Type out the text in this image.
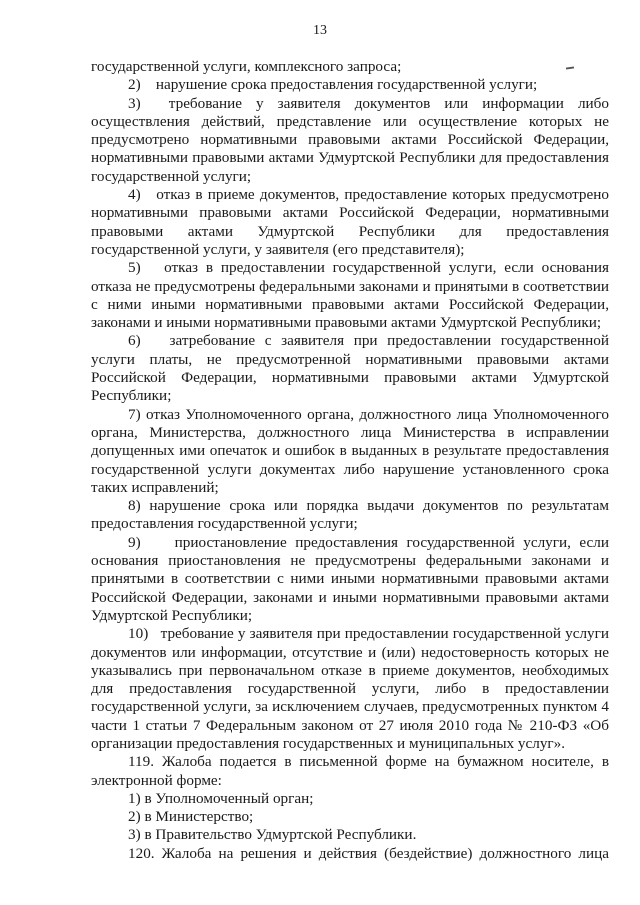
13

государственной услуги, комплексного запроса;

2)    нарушение срока предоставления государственной услуги;

3)  требование у заявителя документов или информации либо осуществления действий, представление или осуществление которых не предусмотрено нормативными правовыми актами Российской Федерации, нормативными правовыми актами Удмуртской Республики для предоставления государственной услуги;

4)   отказ в приеме документов, предоставление которых предусмотрено нормативными правовыми актами Российской Федерации, нормативными правовыми актами Удмуртской Республики для предоставления государственной услуги, у заявителя (его представителя);

5)   отказ в предоставлении государственной услуги, если основания отказа не предусмотрены федеральными законами и принятыми в соответствии с ними иными нормативными правовыми актами Российской Федерации, законами и иными нормативными правовыми актами Удмуртской Республики;

6)   затребование с заявителя при предоставлении государственной услуги платы, не предусмотренной нормативными правовыми актами Российской Федерации, нормативными правовыми актами Удмуртской Республики;

7) отказ Уполномоченного органа, должностного лица Уполномоченного органа, Министерства, должностного лица Министерства в исправлении допущенных ими опечаток и ошибок в выданных в результате предоставления государственной услуги документах либо нарушение установленного срока таких исправлений;

8) нарушение срока или порядка выдачи документов по результатам предоставления государственной услуги;

9)    приостановление предоставления государственной услуги, если основания приостановления не предусмотрены федеральными законами и принятыми в соответствии с ними иными нормативными правовыми актами Российской Федерации, законами и иными нормативными правовыми актами Удмуртской Республики;

10)   требование у заявителя при предоставлении государственной услуги документов или информации, отсутствие и (или) недостоверность которых не указывались при первоначальном отказе в приеме документов, необходимых для предоставления государственной услуги, либо в предоставлении государственной услуги, за исключением случаев, предусмотренных пунктом 4 части 1 статьи 7 Федеральным законом от 27 июля 2010 года № 210-ФЗ «Об организации предоставления государственных и муниципальных услуг».

119. Жалоба подается в письменной форме на бумажном носителе, в электронной форме:

1) в Уполномоченный орган;

2) в Министерство;

3) в Правительство Удмуртской Республики.

120. Жалоба на решения и действия (бездействие) должностного лица
